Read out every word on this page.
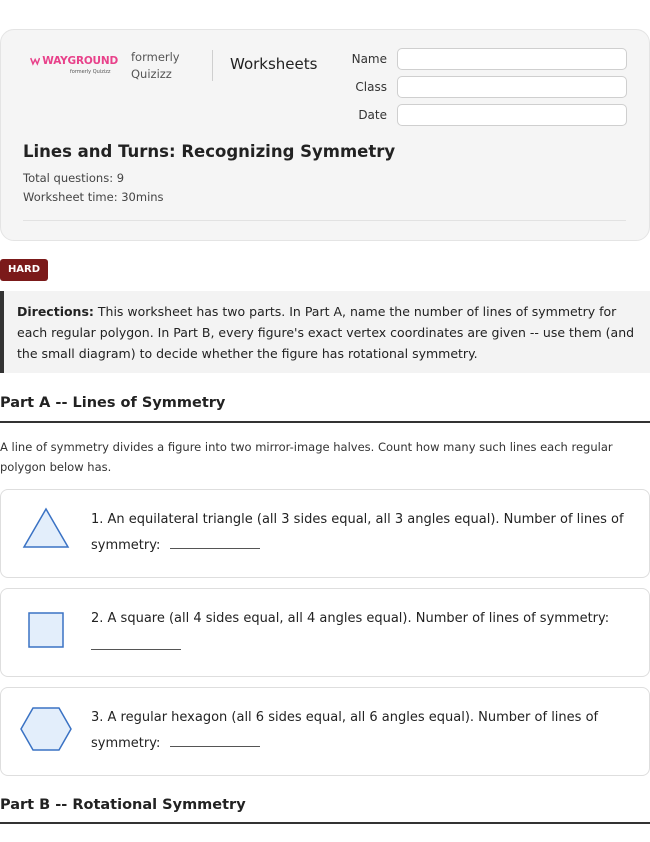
WAYGROUND
formerly Quizizz
formerly
Quizizz
Worksheets	Name
Class
Date
Lines and Turns: Recognizing Symmetry
Total questions: 9
Worksheet time: 30mins
HARD
Directions: This worksheet has two parts. In Part A, name the number of lines of symmetry for each regular polygon. In Part B, every figure's exact vertex coordinates are given -- use them (and the small diagram) to decide whether the figure has rotational symmetry.
Part A -- Lines of Symmetry
A line of symmetry divides a figure into two mirror-image halves. Count how many such lines each regular polygon below has.
1. An equilateral triangle (all 3 sides equal, all 3 angles equal). Number of lines of symmetry:
2. A square (all 4 sides equal, all 4 angles equal). Number of lines of symmetry:
3. A regular hexagon (all 6 sides equal, all 6 angles equal). Number of lines of symmetry:
Part B -- Rotational Symmetry
